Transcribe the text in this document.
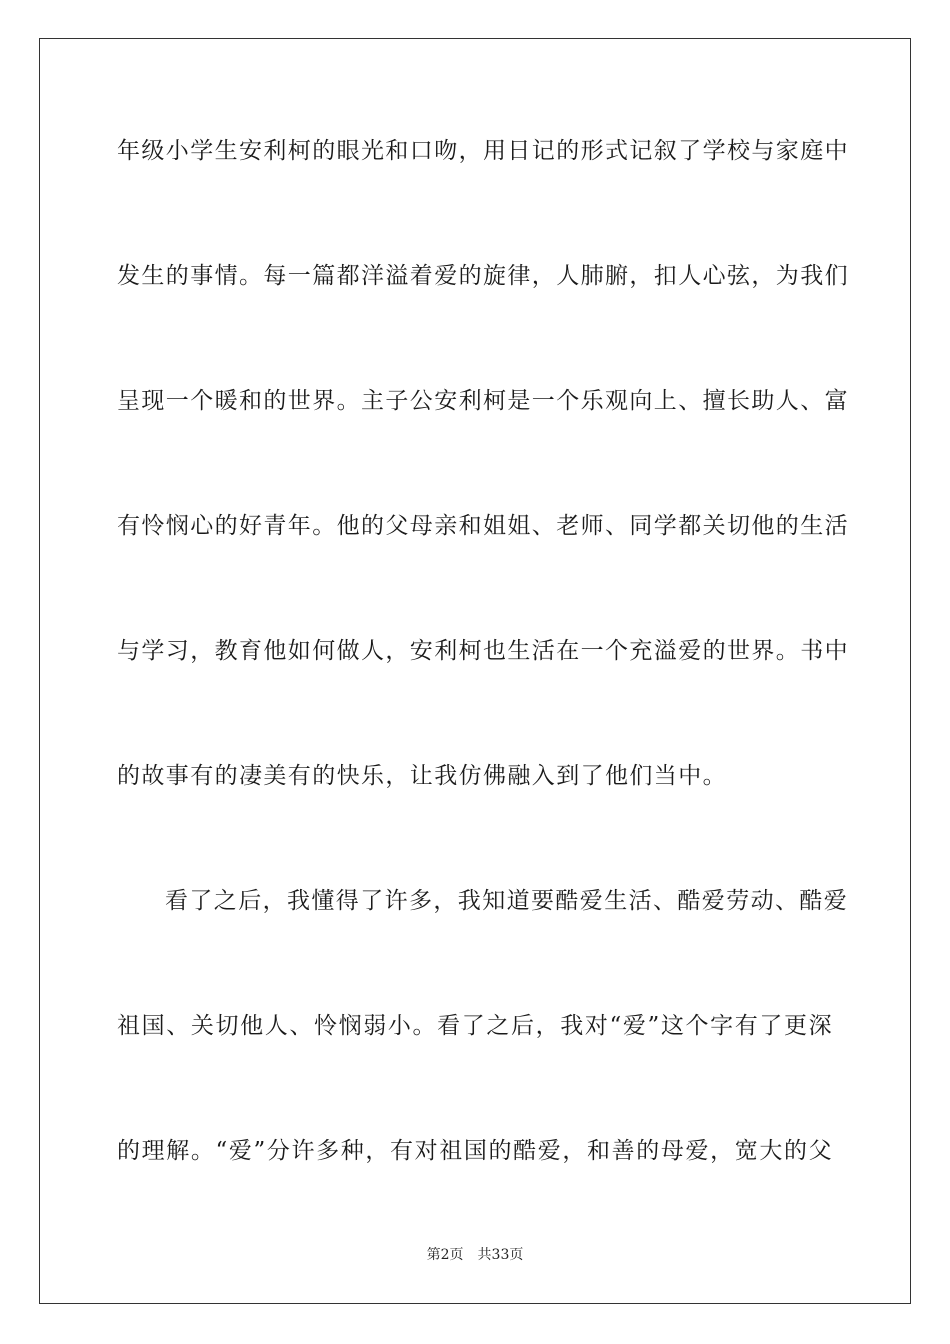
年级小学生安利柯的眼光和口吻，用日记的形式记叙了学校与家庭中
发生的事情。每一篇都洋溢着爱的旋律，人肺腑，扣人心弦，为我们
呈现一个暖和的世界。主子公安利柯是一个乐观向上、擅长助人、富
有怜悯心的好青年。他的父母亲和姐姐、老师、同学都关切他的生活
与学习，教育他如何做人，安利柯也生活在一个充溢爱的世界。书中
的故事有的凄美有的快乐，让我仿佛融入到了他们当中。
看了之后，我懂得了许多，我知道要酷爱生活、酷爱劳动、酷爱
祖国、关切他人、怜悯弱小。看了之后，我对“爱”这个字有了更深
的理解。“爱”分许多种，有对祖国的酷爱，和善的母爱，宽大的父
第2页 共33页
